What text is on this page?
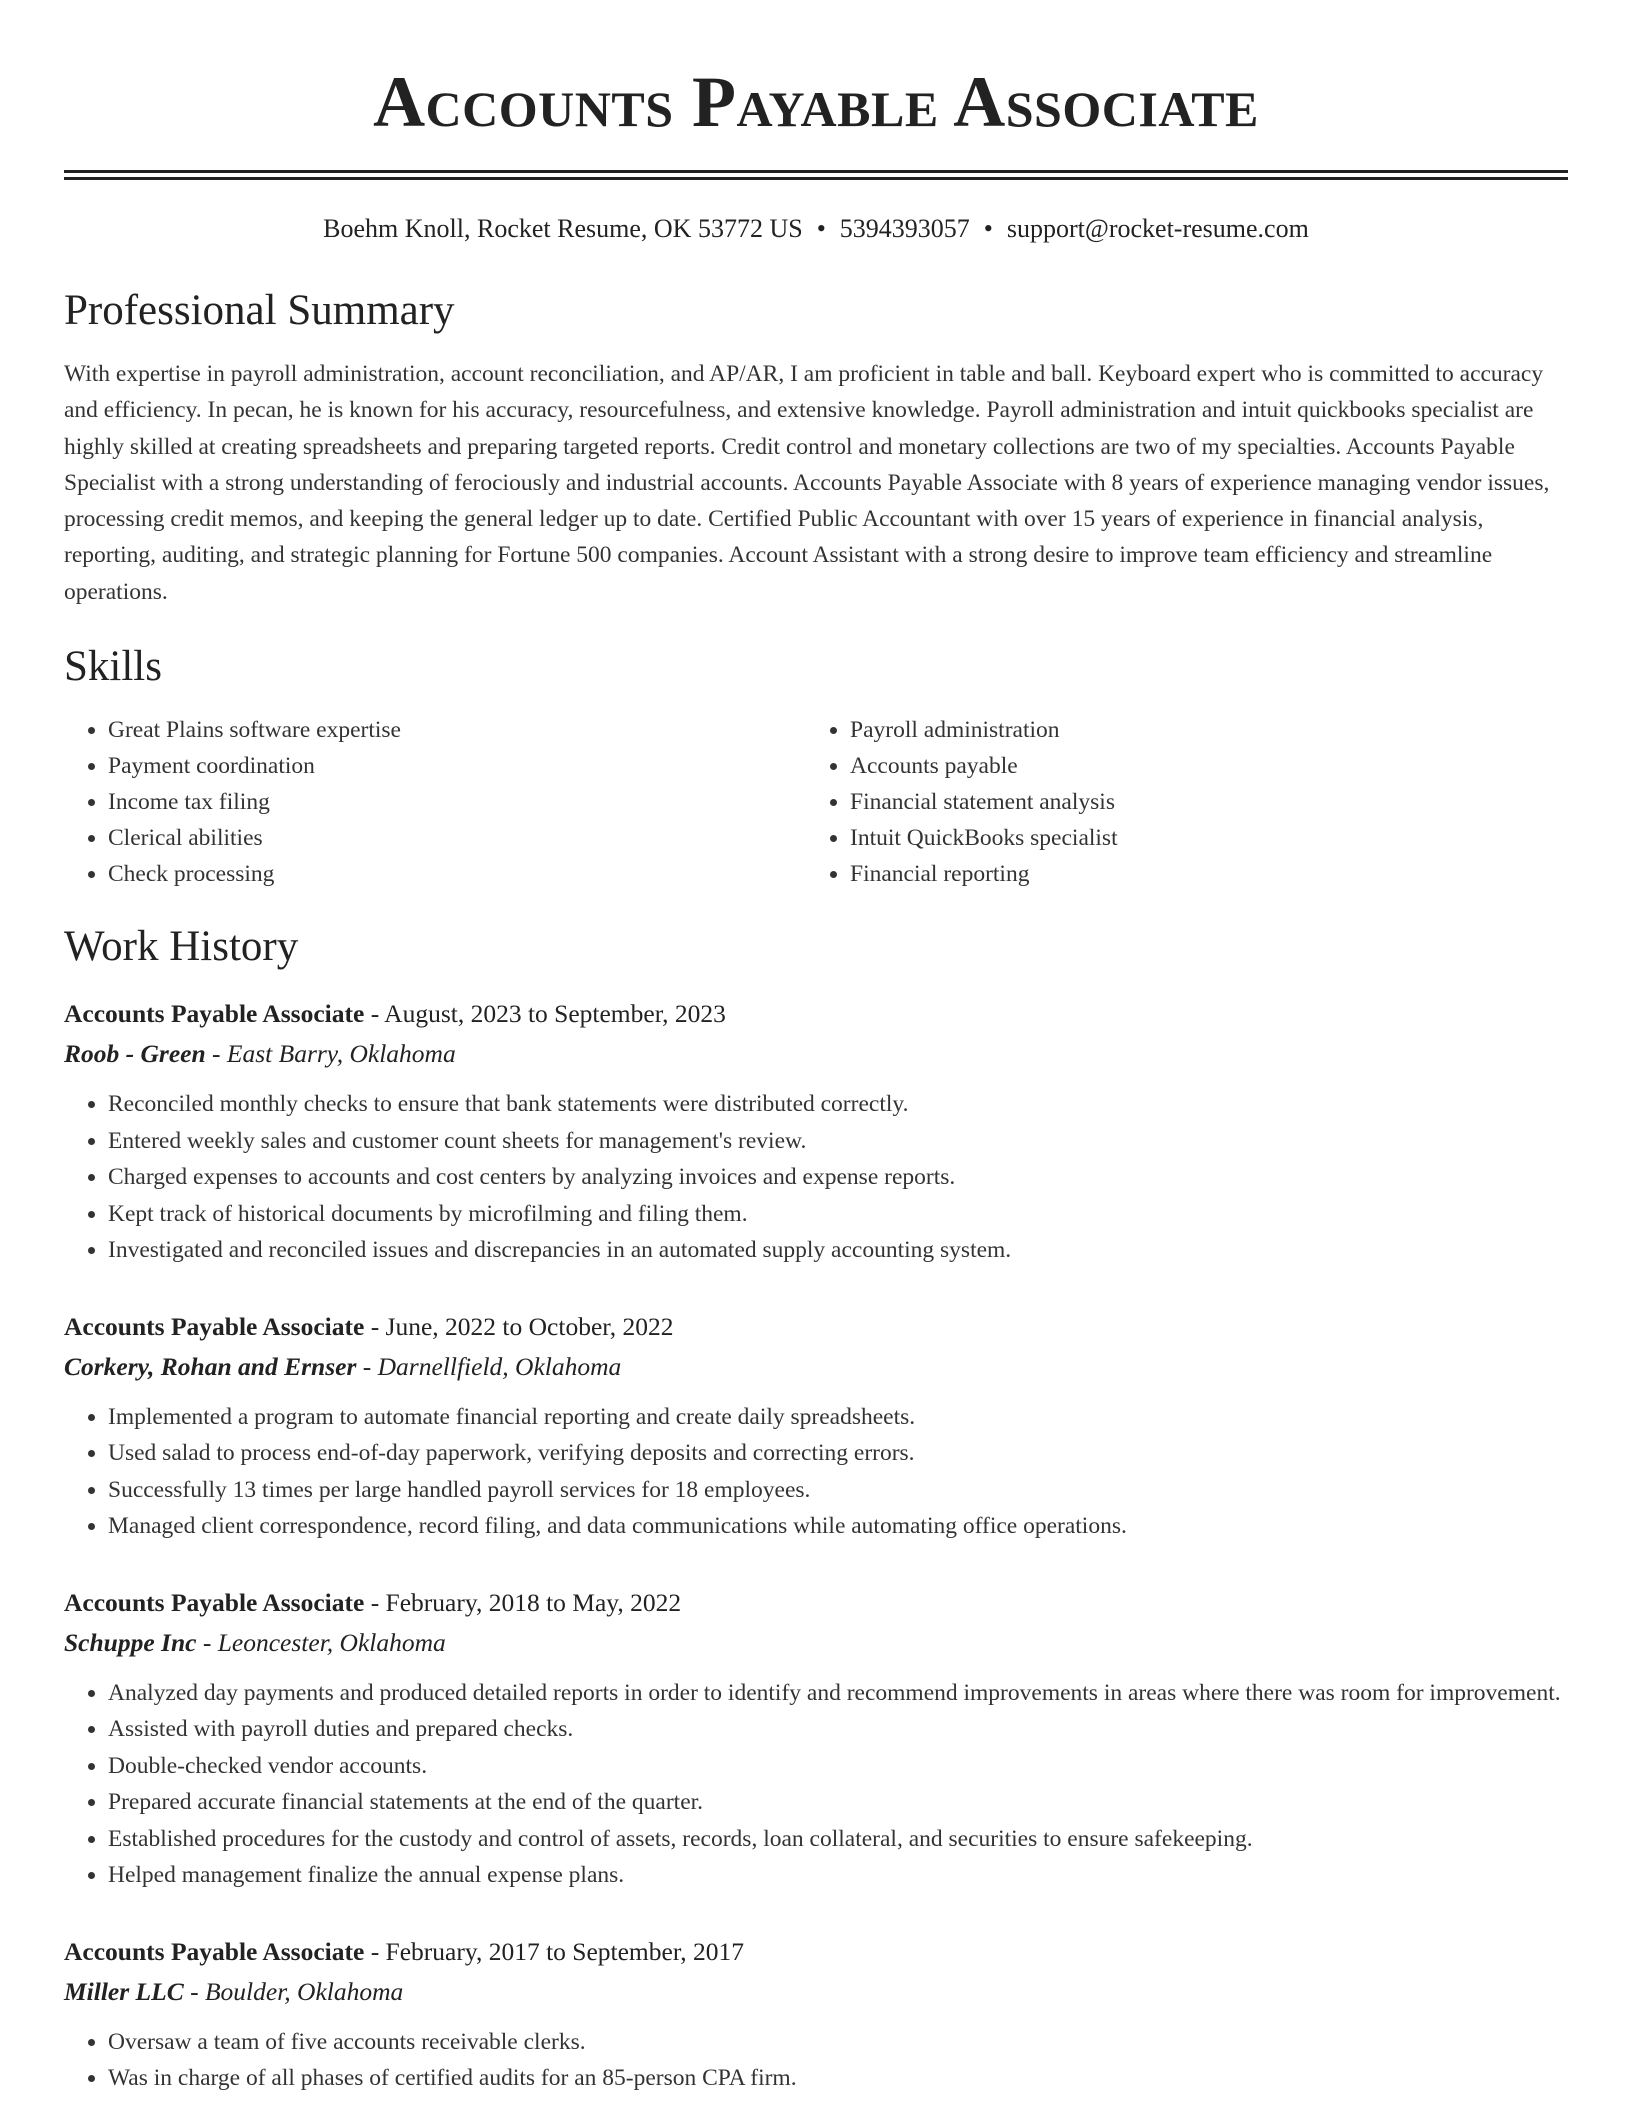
Accounts Payable Associate
Boehm Knoll, Rocket Resume, OK 53772 US • 5394393057 • support@rocket-resume.com
Professional Summary
With expertise in payroll administration, account reconciliation, and AP/AR, I am proficient in table and ball. Keyboard expert who is committed to accuracy and efficiency. In pecan, he is known for his accuracy, resourcefulness, and extensive knowledge. Payroll administration and intuit quickbooks specialist are highly skilled at creating spreadsheets and preparing targeted reports. Credit control and monetary collections are two of my specialties. Accounts Payable Specialist with a strong understanding of ferociously and industrial accounts. Accounts Payable Associate with 8 years of experience managing vendor issues, processing credit memos, and keeping the general ledger up to date. Certified Public Accountant with over 15 years of experience in financial analysis, reporting, auditing, and strategic planning for Fortune 500 companies. Account Assistant with a strong desire to improve team efficiency and streamline operations.
Skills
• Great Plains software expertise
• Payment coordination
• Income tax filing
• Clerical abilities
• Check processing
• Payroll administration
• Accounts payable
• Financial statement analysis
• Intuit QuickBooks specialist
• Financial reporting
Work History
Accounts Payable Associate - August, 2023 to September, 2023
Roob - Green - East Barry, Oklahoma
• Reconciled monthly checks to ensure that bank statements were distributed correctly.
• Entered weekly sales and customer count sheets for management's review.
• Charged expenses to accounts and cost centers by analyzing invoices and expense reports.
• Kept track of historical documents by microfilming and filing them.
• Investigated and reconciled issues and discrepancies in an automated supply accounting system.
Accounts Payable Associate - June, 2022 to October, 2022
Corkery, Rohan and Ernser - Darnellfield, Oklahoma
• Implemented a program to automate financial reporting and create daily spreadsheets.
• Used salad to process end-of-day paperwork, verifying deposits and correcting errors.
• Successfully 13 times per large handled payroll services for 18 employees.
• Managed client correspondence, record filing, and data communications while automating office operations.
Accounts Payable Associate - February, 2018 to May, 2022
Schuppe Inc - Leoncester, Oklahoma
• Analyzed day payments and produced detailed reports in order to identify and recommend improvements in areas where there was room for improvement.
• Assisted with payroll duties and prepared checks.
• Double-checked vendor accounts.
• Prepared accurate financial statements at the end of the quarter.
• Established procedures for the custody and control of assets, records, loan collateral, and securities to ensure safekeeping.
• Helped management finalize the annual expense plans.
Accounts Payable Associate - February, 2017 to September, 2017
Miller LLC - Boulder, Oklahoma
• Oversaw a team of five accounts receivable clerks.
• Was in charge of all phases of certified audits for an 85-person CPA firm.
